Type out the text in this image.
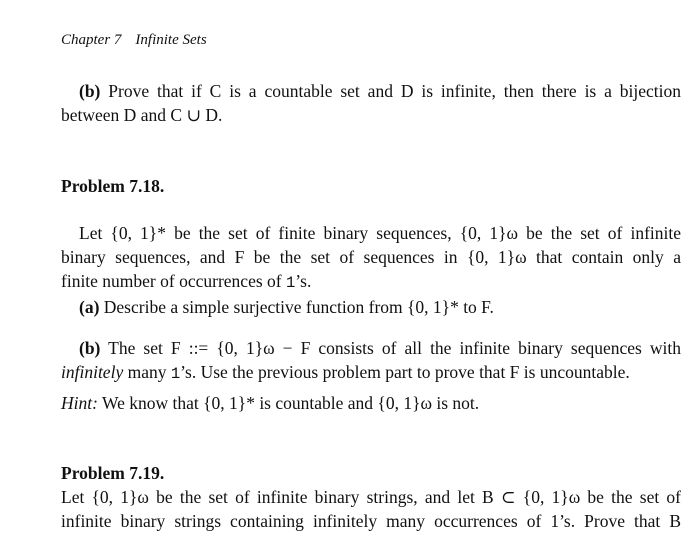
Chapter 7 Infinite Sets
(b) Prove that if C is a countable set and D is infinite, then there is a bijection
between D and C ∪ D.
Problem 7.18.
Let {0, 1}* be the set of finite binary sequences, {0, 1}ω be the set of infinite
binary sequences, and F be the set of sequences in {0, 1}ω that contain only a
finite number of occurrences of 1’s.
(a) Describe a simple surjective function from {0, 1}* to F.
(b) The set F ::= {0, 1}ω − F consists of all the infinite binary sequences with
infinitely many 1’s. Use the previous problem part to prove that F is uncountable.
Hint: We know that {0, 1}* is countable and {0, 1}ω is not.
Problem 7.19.
Let {0, 1}ω be the set of infinite binary strings, and let B ⊂ {0, 1}ω be the set of
infinite binary strings containing infinitely many occurrences of 1’s. Prove that B
